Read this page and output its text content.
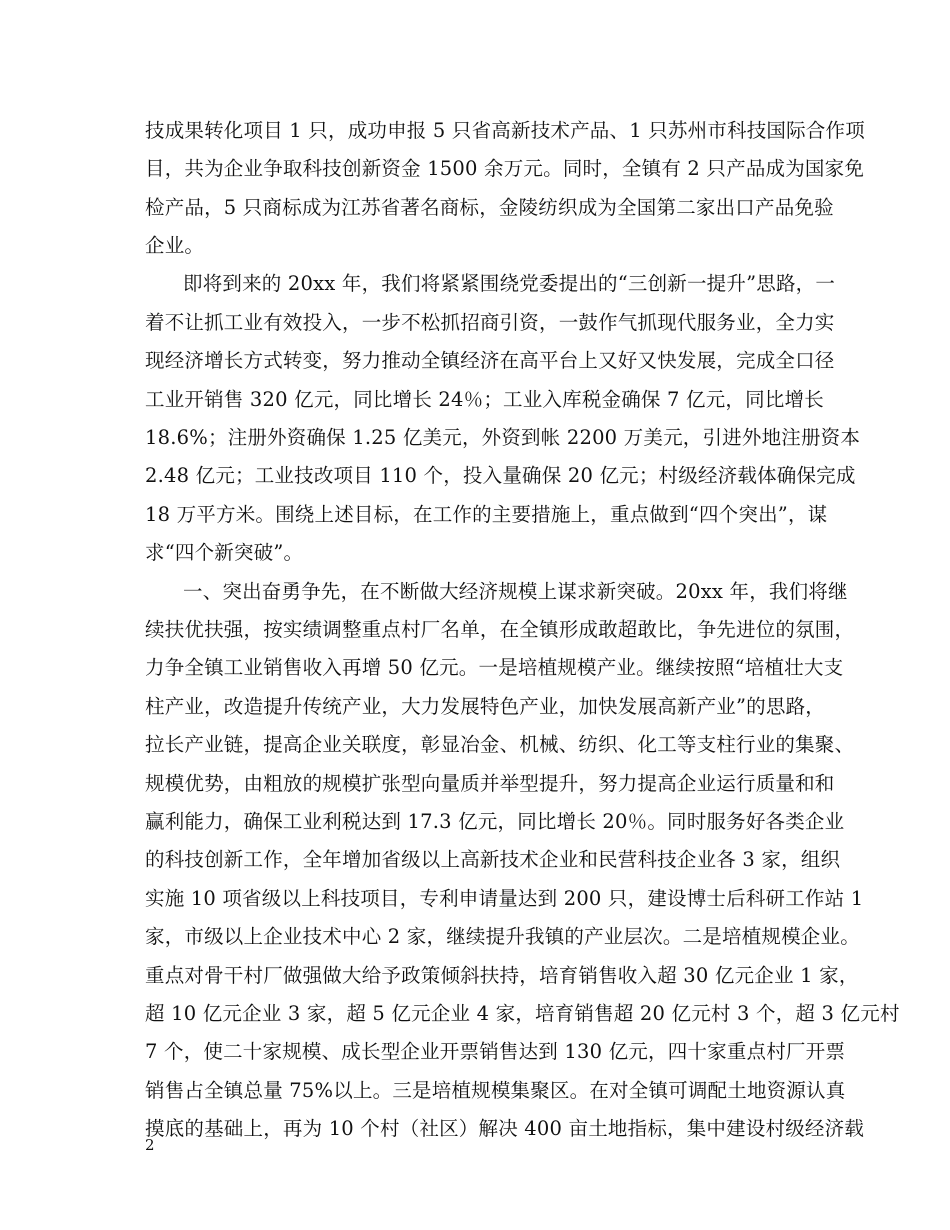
技成果转化项目 1 只，成功申报 5 只省高新技术产品、1 只苏州市科技国际合作项
目，共为企业争取科技创新资金 1500 余万元。同时，全镇有 2 只产品成为国家免
检产品，5 只商标成为江苏省著名商标，金陵纺织成为全国第二家出口产品免验
企业。
即将到来的 20xx 年，我们将紧紧围绕党委提出的“三创新一提升”思路，一
着不让抓工业有效投入，一步不松抓招商引资，一鼓作气抓现代服务业，全力实
现经济增长方式转变，努力推动全镇经济在高平台上又好又快发展，完成全口径
工业开销售 320 亿元，同比增长 24％；工业入库税金确保 7 亿元，同比增长
18.6%；注册外资确保 1.25 亿美元，外资到帐 2200 万美元，引进外地注册资本
2.48 亿元；工业技改项目 110 个，投入量确保 20 亿元；村级经济载体确保完成
18 万平方米。围绕上述目标，在工作的主要措施上，重点做到“四个突出”，谋
求“四个新突破”。
一、突出奋勇争先，在不断做大经济规模上谋求新突破。20xx 年，我们将继
续扶优扶强，按实绩调整重点村厂名单，在全镇形成敢超敢比，争先进位的氛围，
力争全镇工业销售收入再增 50 亿元。一是培植规模产业。继续按照“培植壮大支
柱产业，改造提升传统产业，大力发展特色产业，加快发展高新产业”的思路，
拉长产业链，提高企业关联度，彰显冶金、机械、纺织、化工等支柱行业的集聚、
规模优势，由粗放的规模扩张型向量质并举型提升，努力提高企业运行质量和和
赢利能力，确保工业利税达到 17.3 亿元，同比增长 20％。同时服务好各类企业
的科技创新工作，全年增加省级以上高新技术企业和民营科技企业各 3 家，组织
实施 10 项省级以上科技项目，专利申请量达到 200 只，建设博士后科研工作站 1
家，市级以上企业技术中心 2 家，继续提升我镇的产业层次。二是培植规模企业。
重点对骨干村厂做强做大给予政策倾斜扶持，培育销售收入超 30 亿元企业 1 家，
超 10 亿元企业 3 家，超 5 亿元企业 4 家，培育销售超 20 亿元村 3 个，超 3 亿元村
7 个，使二十家规模、成长型企业开票销售达到 130 亿元，四十家重点村厂开票
销售占全镇总量 75%以上。三是培植规模集聚区。在对全镇可调配土地资源认真
摸底的基础上，再为 10 个村（社区）解决 400 亩土地指标，集中建设村级经济载
2
